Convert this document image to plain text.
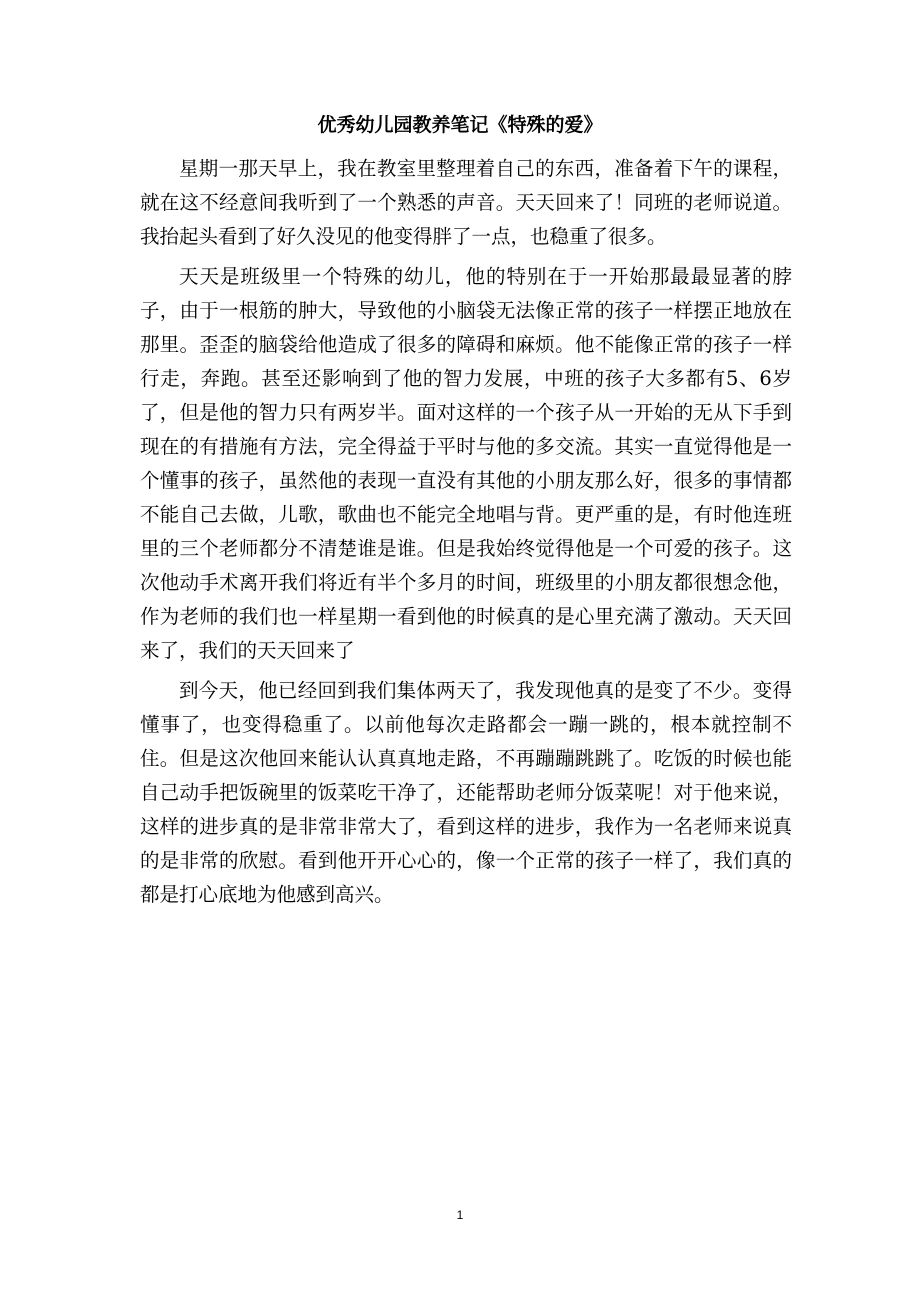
优秀幼儿园教养笔记《特殊的爱》

星期一那天早上，我在教室里整理着自己的东西，准备着下午的课程，就在这不经意间我听到了一个熟悉的声音。天天回来了！同班的老师说道。我抬起头看到了好久没见的他变得胖了一点，也稳重了很多。

天天是班级里一个特殊的幼儿，他的特别在于一开始那最最显著的脖子，由于一根筋的肿大，导致他的小脑袋无法像正常的孩子一样摆正地放在那里。歪歪的脑袋给他造成了很多的障碍和麻烦。他不能像正常的孩子一样行走，奔跑。甚至还影响到了他的智力发展，中班的孩子大多都有5、6岁了，但是他的智力只有两岁半。面对这样的一个孩子从一开始的无从下手到现在的有措施有方法，完全得益于平时与他的多交流。其实一直觉得他是一个懂事的孩子，虽然他的表现一直没有其他的小朋友那么好，很多的事情都不能自己去做，儿歌，歌曲也不能完全地唱与背。更严重的是，有时他连班里的三个老师都分不清楚谁是谁。但是我始终觉得他是一个可爱的孩子。这次他动手术离开我们将近有半个多月的时间，班级里的小朋友都很想念他，作为老师的我们也一样星期一看到他的时候真的是心里充满了激动。天天回来了，我们的天天回来了

到今天，他已经回到我们集体两天了，我发现他真的是变了不少。变得懂事了，也变得稳重了。以前他每次走路都会一蹦一跳的，根本就控制不住。但是这次他回来能认认真真地走路，不再蹦蹦跳跳了。吃饭的时候也能自己动手把饭碗里的饭菜吃干净了，还能帮助老师分饭菜呢！对于他来说，这样的进步真的是非常非常大了，看到这样的进步，我作为一名老师来说真的是非常的欣慰。看到他开开心心的，像一个正常的孩子一样了，我们真的都是打心底地为他感到高兴。

1
